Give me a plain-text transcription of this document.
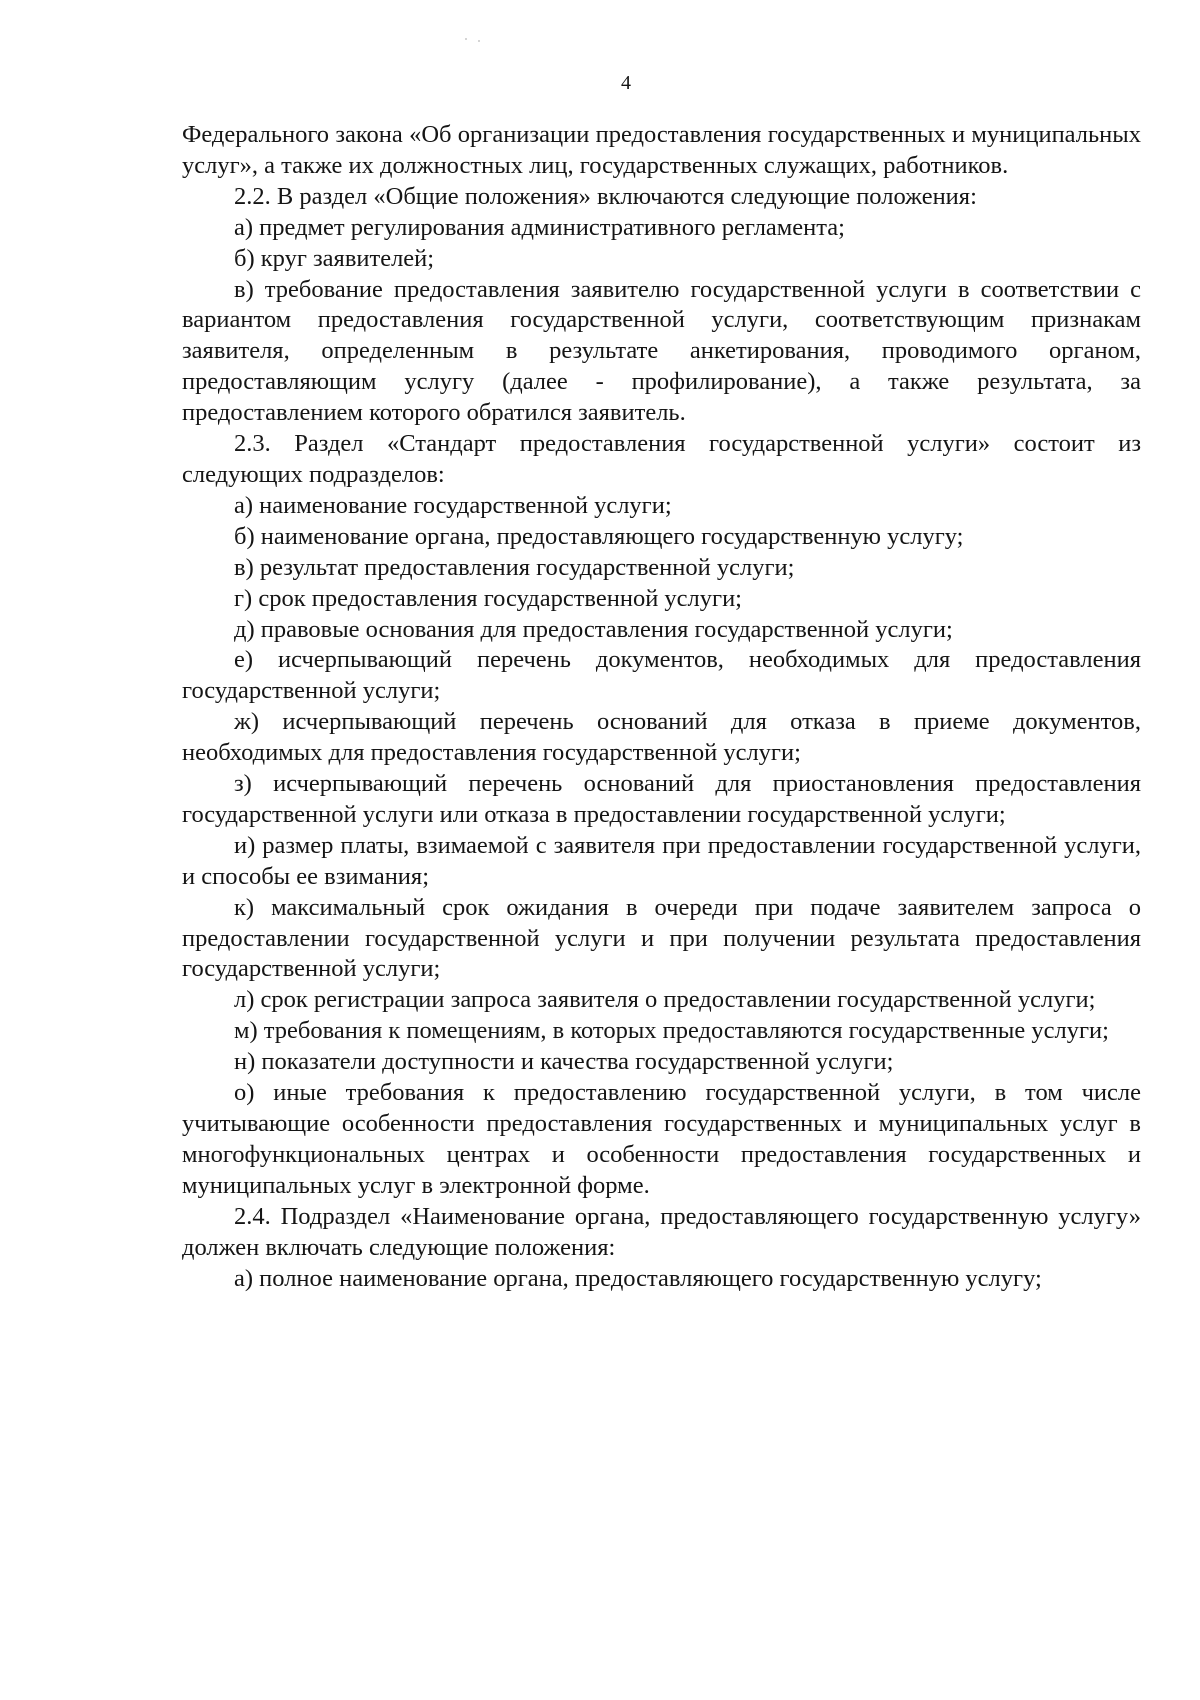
4

Федерального закона «Об организации предоставления государственных и муниципальных услуг», а также их должностных лиц, государственных служащих, работников.

2.2. В раздел «Общие положения» включаются следующие положения:

а) предмет регулирования административного регламента;

б) круг заявителей;

в) требование предоставления заявителю государственной услуги в соответствии с вариантом предоставления государственной услуги, соответствующим признакам заявителя, определенным в результате анкетирования, проводимого органом, предоставляющим услугу (далее - профилирование), а также результата, за предоставлением которого обратился заявитель.

2.3. Раздел «Стандарт предоставления государственной услуги» состоит из следующих подразделов:

а) наименование государственной услуги;

б) наименование органа, предоставляющего государственную услугу;

в) результат предоставления государственной услуги;

г) срок предоставления государственной услуги;

д) правовые основания для предоставления государственной услуги;

е) исчерпывающий перечень документов, необходимых для предоставления государственной услуги;

ж) исчерпывающий перечень оснований для отказа в приеме документов, необходимых для предоставления государственной услуги;

з) исчерпывающий перечень оснований для приостановления предоставления государственной услуги или отказа в предоставлении государственной услуги;

и) размер платы, взимаемой с заявителя при предоставлении государственной услуги, и способы ее взимания;

к) максимальный срок ожидания в очереди при подаче заявителем запроса о предоставлении государственной услуги и при получении результата предоставления государственной услуги;

л) срок регистрации запроса заявителя о предоставлении государственной услуги;

м) требования к помещениям, в которых предоставляются государственные услуги;

н) показатели доступности и качества государственной услуги;

о) иные требования к предоставлению государственной услуги, в том числе учитывающие особенности предоставления государственных и муниципальных услуг в многофункциональных центрах и особенности предоставления государственных и муниципальных услуг в электронной форме.

2.4. Подраздел «Наименование органа, предоставляющего государственную услугу» должен включать следующие положения:

а) полное наименование органа, предоставляющего государственную услугу;
